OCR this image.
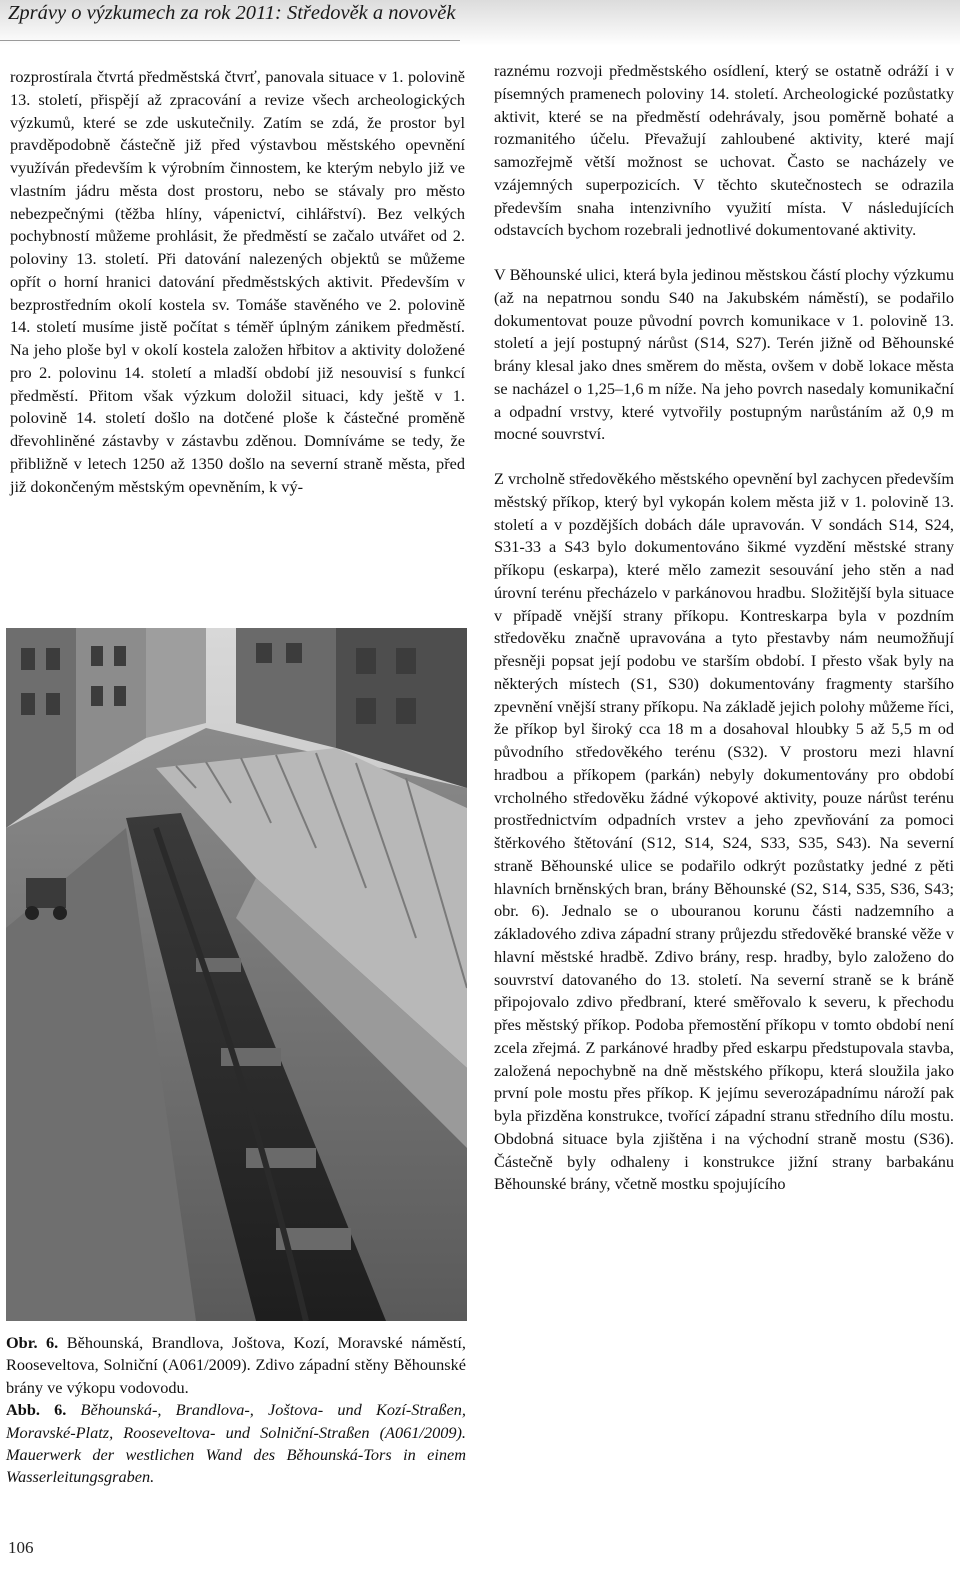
Zprávy o výzkumech za rok 2011: Středověk a novověk

rozprostírala čtvrtá předměstská čtvrť, panovala situace v 1. polovině 13. století, přispějí až zpracování a revize všech archeologických výzkumů, které se zde uskutečnily. Zatím se zdá, že prostor byl pravděpodobně částečně již před výstavbou městského opevnění využíván především k výrobním činnostem, ke kterým nebylo již ve vlastním jádru města dost prostoru, nebo se stávaly pro město nebezpečnými (těžba hlíny, vápenictví, cihlářství). Bez velkých pochybností můžeme prohlásit, že předměstí se začalo utvářet od 2. poloviny 13. století. Při datování nalezených objektů se můžeme opřít o horní hranici datování předměstských aktivit. Především v bezprostředním okolí kostela sv. Tomáše stavěného ve 2. polovině 14. století musíme jistě počítat s téměř úplným zánikem předměstí. Na jeho ploše byl v okolí kostela založen hřbitov a aktivity doložené pro 2. polovinu 14. století a mladší období již nesouvisí s funkcí předměstí. Přitom však výzkum doložil situaci, kdy ještě v 1. polovině 14. století došlo na dotčené ploše k částečné proměně dřevohliněné zástavby v zástavbu zděnou. Domníváme se tedy, že přibližně v letech 1250 až 1350 došlo na severní straně města, před již dokončeným městským opevněním, k vý-

Obr. 6. Běhounská, Brandlova, Joštova, Kozí, Moravské náměstí, Rooseveltova, Solniční (A061/2009). Zdivo západní stěny Běhounské brány ve výkopu vodovodu.

Abb. 6. Běhounská-, Brandlova-, Joštova- und Kozí-Straßen, Moravské-Platz, Rooseveltova- und Solniční-Straßen (A061/2009). Mauerwerk der westlichen Wand des Běhounská-Tors in einem Wasserleitungsgraben.

raznému rozvoji předměstského osídlení, který se ostatně odráží i v písemných pramenech poloviny 14. století. Archeologické pozůstatky aktivit, které se na předměstí odehrávaly, jsou poměrně bohaté a rozmanitého účelu. Převažují zahloubené aktivity, které mají samozřejmě větší možnost se uchovat. Často se nacházely ve vzájemných superpozicích. V těchto skutečnostech se odrazila především snaha intenzivního využití místa. V následujících odstavcích bychom rozebrali jednotlivé dokumentované aktivity.

V Běhounské ulici, která byla jedinou městskou částí plochy výzkumu (až na nepatrnou sondu S40 na Jakubském náměstí), se podařilo dokumentovat pouze původní povrch komunikace v 1. polovině 13. století a její postupný nárůst (S14, S27). Terén jižně od Běhounské brány klesal jako dnes směrem do města, ovšem v době lokace města se nacházel o 1,25–1,6 m níže. Na jeho povrch nasedaly komunikační a odpadní vrstvy, které vytvořily postupným narůstáním až 0,9 m mocné souvrství.

Z vrcholně středověkého městského opevnění byl zachycen především městský příkop, který byl vykopán kolem města již v 1. polovině 13. století a v pozdějších dobách dále upravován. V sondách S14, S24, S31-33 a S43 bylo dokumentováno šikmé vyzdění městské strany příkopu (eskarpa), které mělo zamezit sesouvání jeho stěn a nad úrovní terénu přecházelo v parkánovou hradbu. Složitější byla situace v případě vnější strany příkopu. Kontreskarpa byla v pozdním středověku značně upravována a tyto přestavby nám neumožňují přesněji popsat její podobu ve starším období. I přesto však byly na některých místech (S1, S30) dokumentovány fragmenty staršího zpevnění vnější strany příkopu. Na základě jejich polohy můžeme říci, že příkop byl široký cca 18 m a dosahoval hloubky 5 až 5,5 m od původního středověkého terénu (S32). V prostoru mezi hlavní hradbou a příkopem (parkán) nebyly dokumentovány pro období vrcholného středověku žádné výkopové aktivity, pouze nárůst terénu prostřednictvím odpadních vrstev a jeho zpevňování za pomoci štěrkového štětování (S12, S14, S24, S33, S35, S43). Na severní straně Běhounské ulice se podařilo odkrýt pozůstatky jedné z pěti hlavních brněnských bran, brány Běhounské (S2, S14, S35, S36, S43; obr. 6). Jednalo se o ubouranou korunu části nadzemního a základového zdiva západní strany průjezdu středověké branské věže v hlavní městské hradbě. Zdivo brány, resp. hradby, bylo založeno do souvrství datovaného do 13. století. Na severní straně se k bráně připojovalo zdivo předbraní, které směřovalo k severu, k přechodu přes městský příkop. Podoba přemostění příkopu v tomto období není zcela zřejmá. Z parkánové hradby před eskarpu předstupovala stavba, založená nepochybně na dně městského příkopu, která sloužila jako první pole mostu přes příkop. K jejímu severozápadnímu nároží pak byla přizděna konstrukce, tvořící západní stranu středního dílu mostu. Obdobná situace byla zjištěna i na východní straně mostu (S36). Částečně byly odhaleny i konstrukce jižní strany barbakánu Běhounské brány, včetně mostku spojujícího

106
